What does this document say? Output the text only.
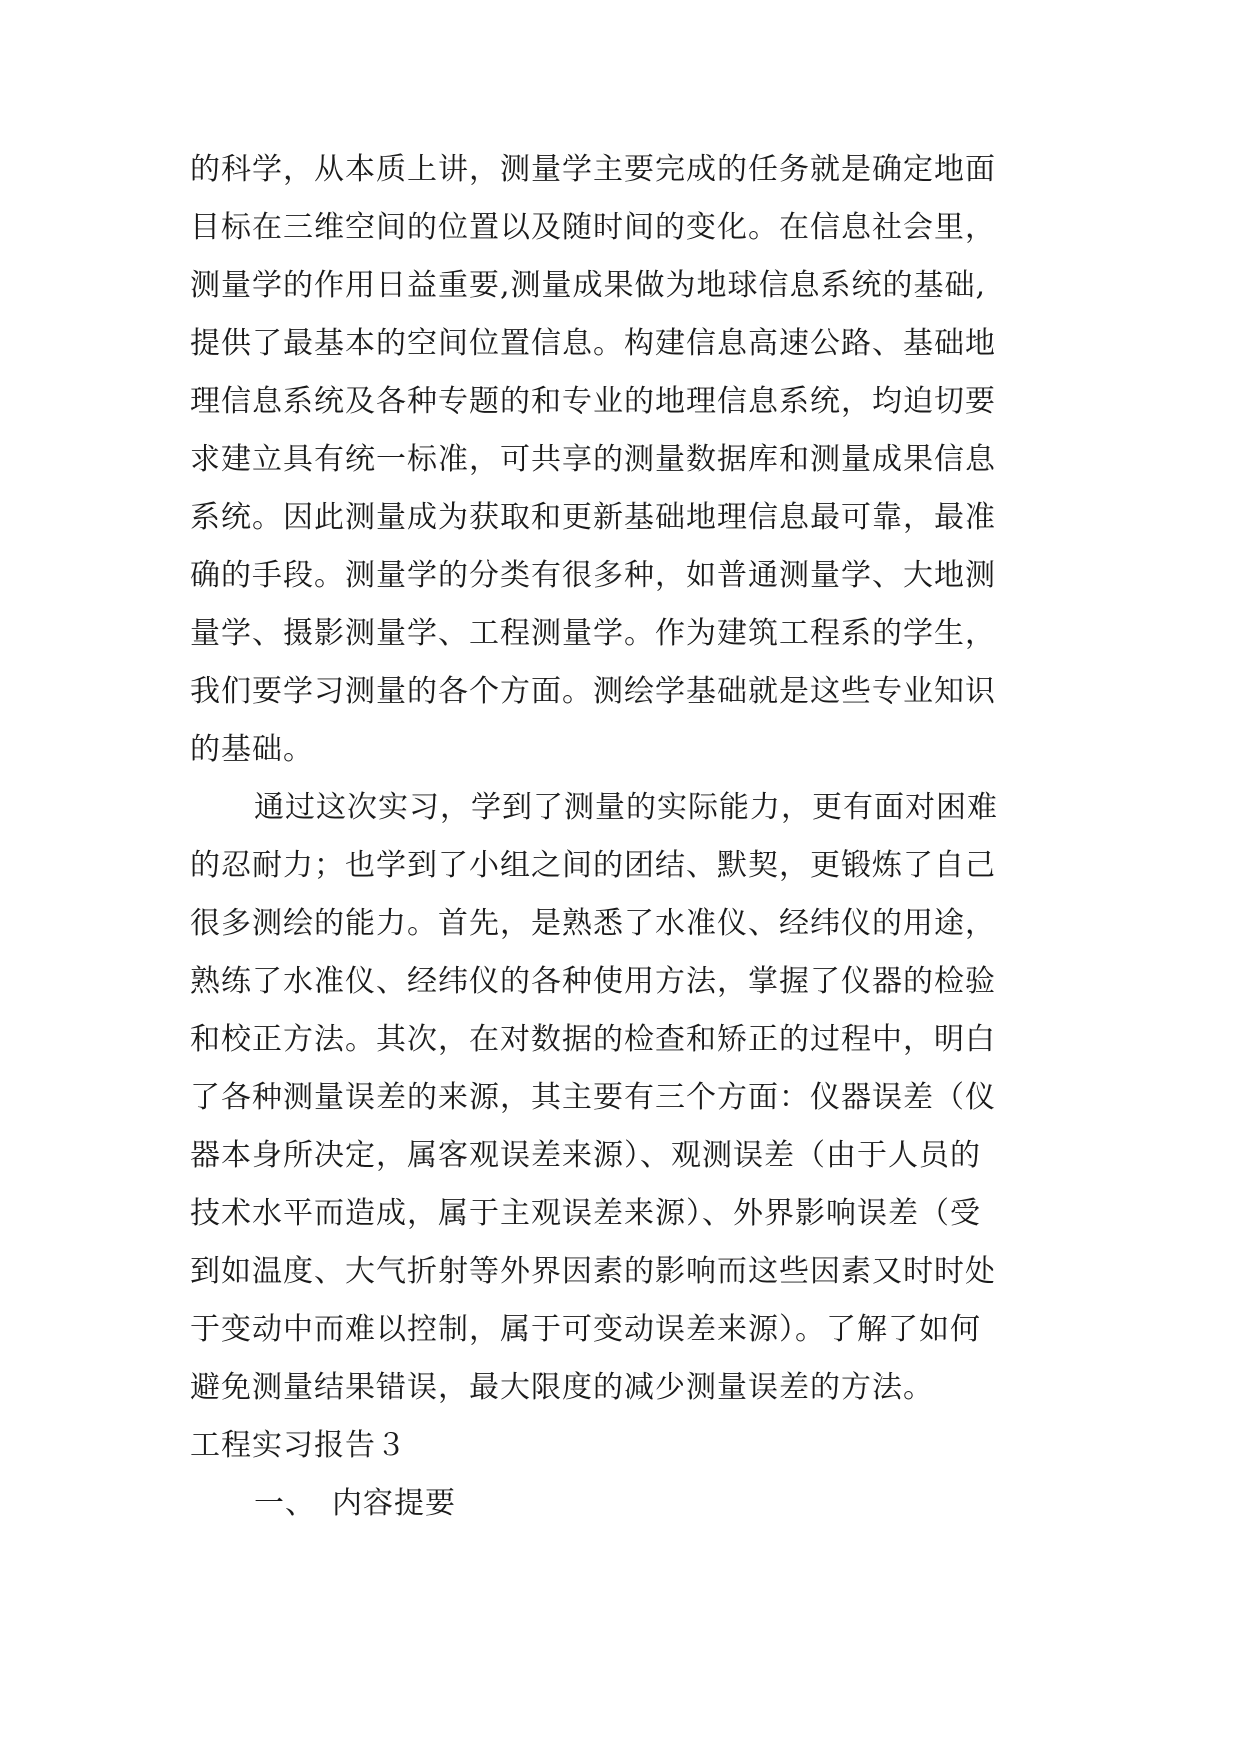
的科学，从本质上讲，测量学主要完成的任务就是确定地面
目标在三维空间的位置以及随时间的变化。在信息社会里，
测量学的作用日益重要,测量成果做为地球信息系统的基础,
提供了最基本的空间位置信息。构建信息高速公路、基础地
理信息系统及各种专题的和专业的地理信息系统，均迫切要
求建立具有统一标准，可共享的测量数据库和测量成果信息
系统。因此测量成为获取和更新基础地理信息最可靠，最准
确的手段。测量学的分类有很多种，如普通测量学、大地测
量学、摄影测量学、工程测量学。作为建筑工程系的学生，
我们要学习测量的各个方面。测绘学基础就是这些专业知识
的基础。
通过这次实习，学到了测量的实际能力，更有面对困难
的忍耐力；也学到了小组之间的团结、默契，更锻炼了自己
很多测绘的能力。首先，是熟悉了水准仪、经纬仪的用途，
熟练了水准仪、经纬仪的各种使用方法，掌握了仪器的检验
和校正方法。其次，在对数据的检查和矫正的过程中，明白
了各种测量误差的来源，其主要有三个方面：仪器误差（仪
器本身所决定，属客观误差来源）、观测误差（由于人员的
技术水平而造成，属于主观误差来源）、外界影响误差（受
到如温度、大气折射等外界因素的影响而这些因素又时时处
于变动中而难以控制，属于可变动误差来源）。了解了如何
避免测量结果错误，最大限度的减少测量误差的方法。
工程实习报告３
一、　内容提要
